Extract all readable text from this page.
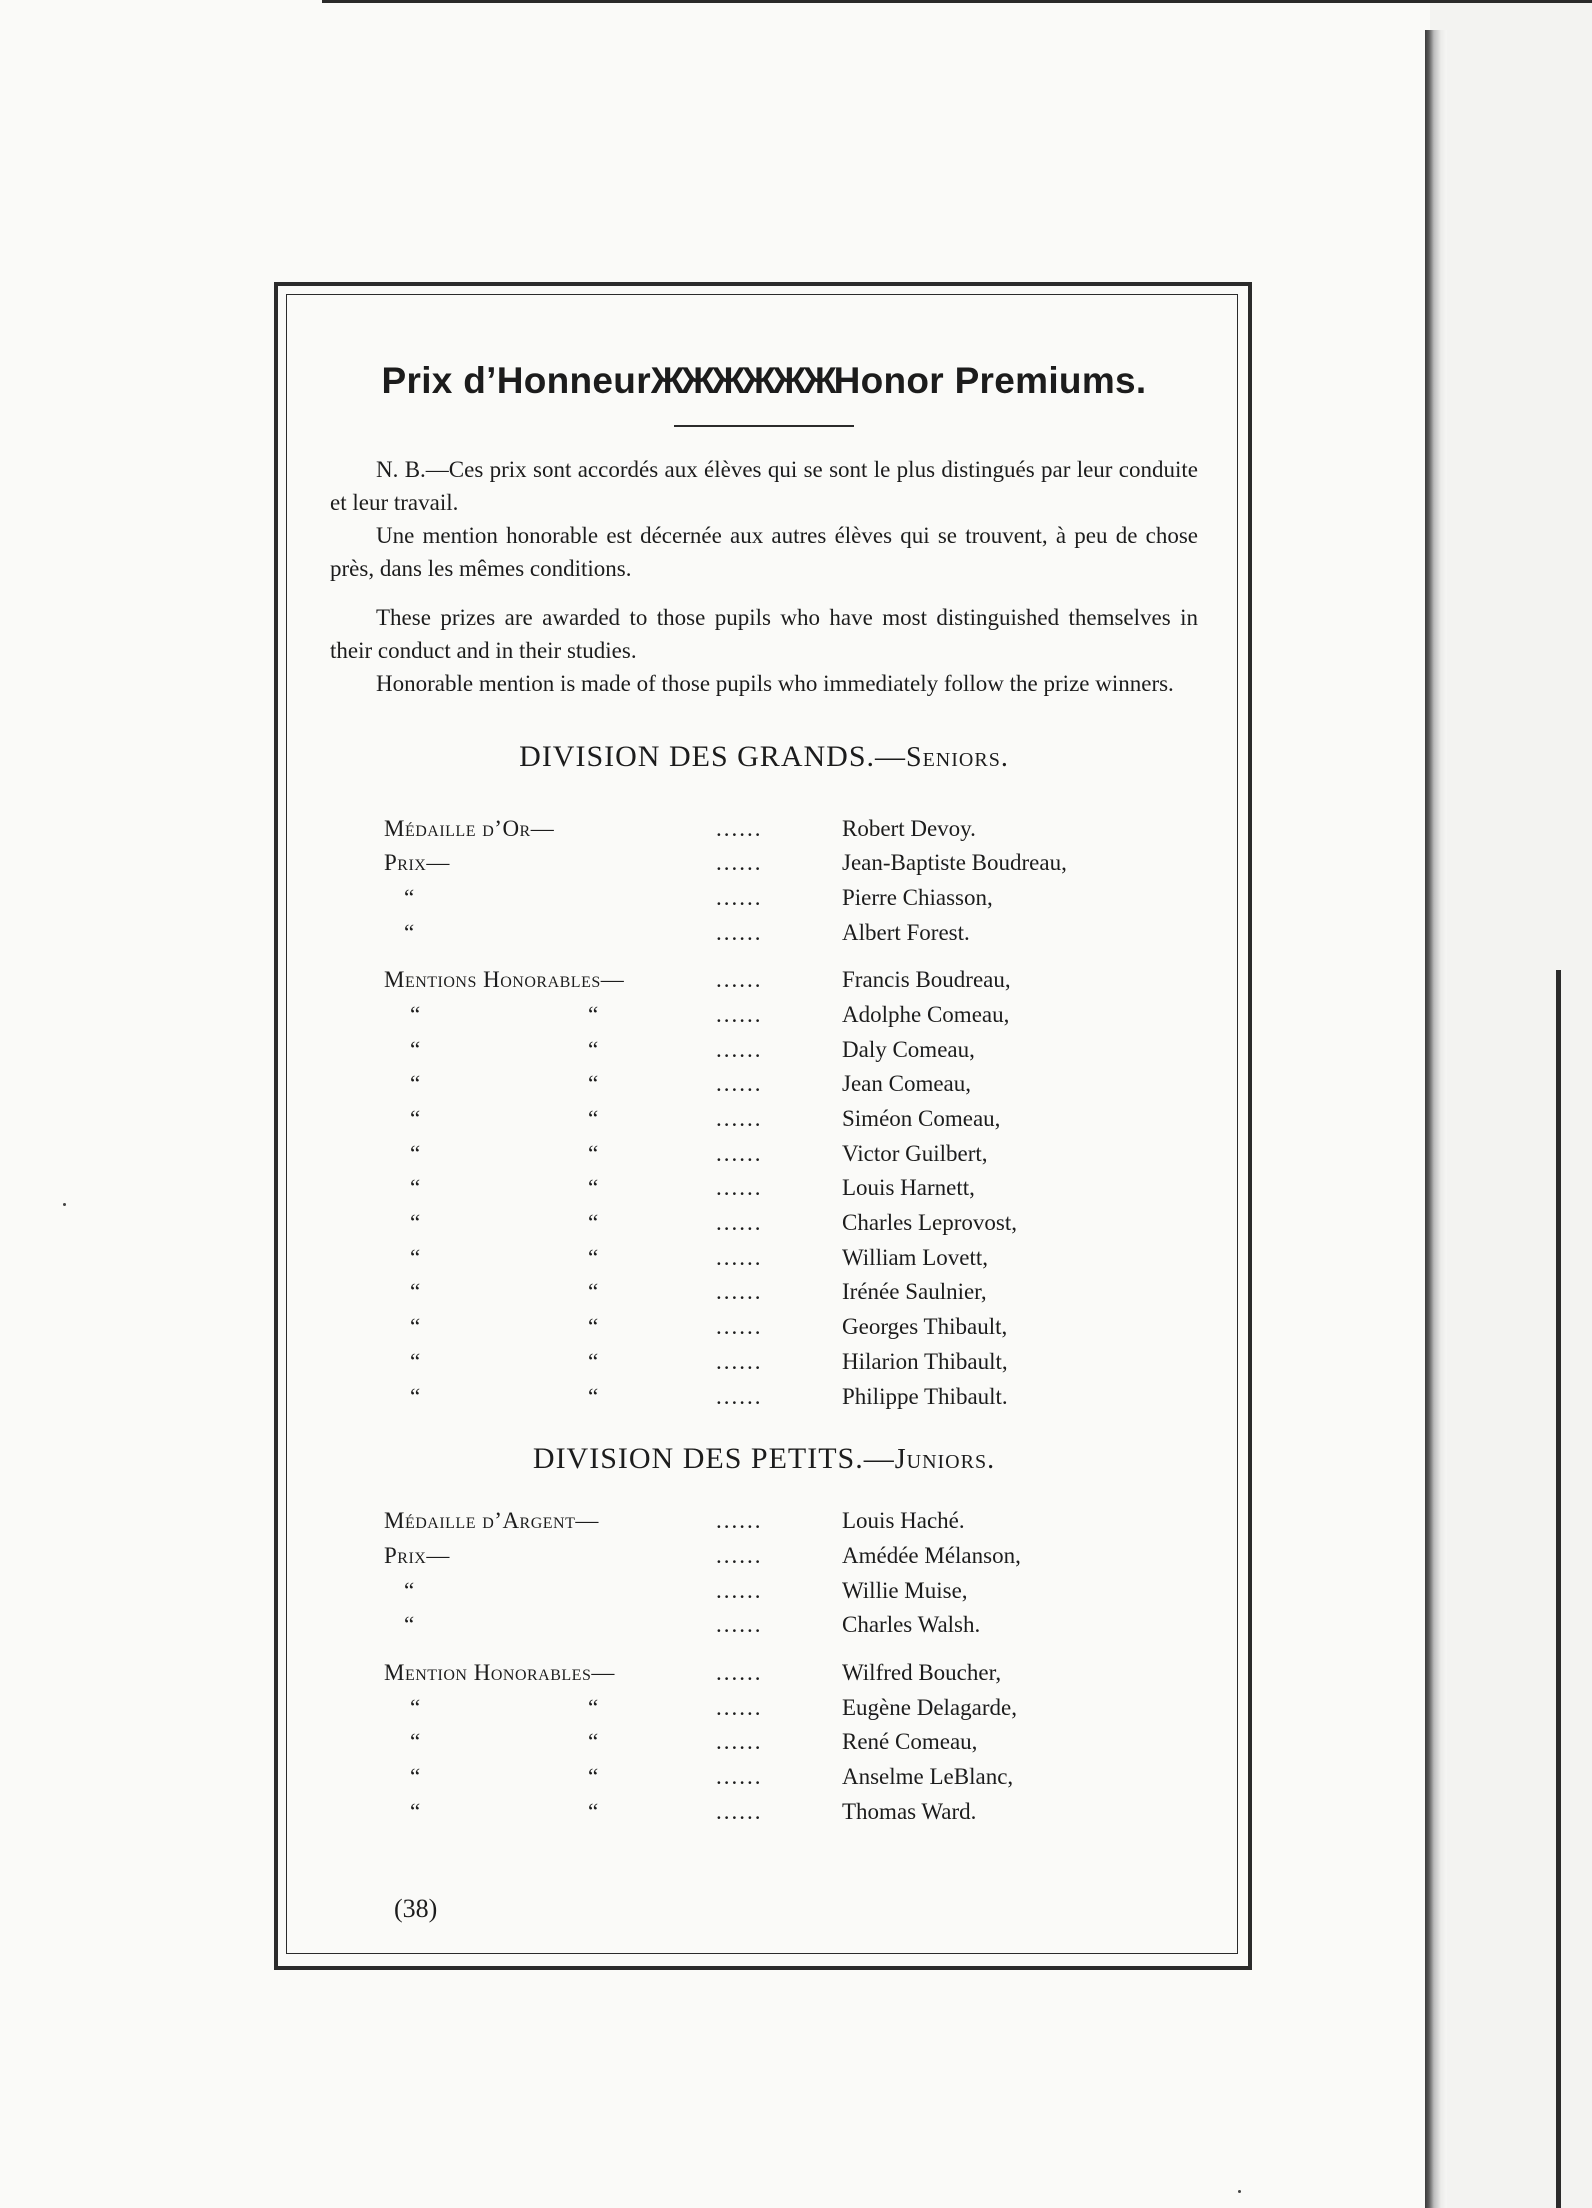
Prix d’HonneurЖЖЖЖЖЖHonor Premiums.

N. B.—Ces prix sont accordés aux élèves qui se sont le plus distingués par leur conduite et leur travail.

Une mention honorable est décernée aux autres élèves qui se trouvent, à peu de chose près, dans les mêmes conditions.

These prizes are awarded to those pupils who have most distinguished themselves in their conduct and in their studies.

Honorable mention is made of those pupils who immediately follow the prize winners.

DIVISION DES GRANDS.—Seniors.
Médaille d’Or—	......	Robert Devoy.
Prix—	......	Jean-Baptiste Boudreau,
“	......	Pierre Chiasson,
“	......	Albert Forest.
Mentions Honorables—	......	Francis Boudreau,
“	“	......	Adolphe Comeau,
“	“	......	Daly Comeau,
“	“	......	Jean Comeau,
“	“	......	Siméon Comeau,
“	“	......	Victor Guilbert,
“	“	......	Louis Harnett,
“	“	......	Charles Leprovost,
“	“	......	William Lovett,
“	“	......	Irénée Saulnier,
“	“	......	Georges Thibault,
“	“	......	Hilarion Thibault,
“	“	......	Philippe Thibault.
DIVISION DES PETITS.—Juniors.
Médaille d’Argent—	......	Louis Haché.
Prix—	......	Amédée Mélanson,
“	......	Willie Muise,
“	......	Charles Walsh.
Mention Honorables—	......	Wilfred Boucher,
“	“	......	Eugène Delagarde,
“	“	......	René Comeau,
“	“	......	Anselme LeBlanc,
“	“	......	Thomas Ward.
(38)
